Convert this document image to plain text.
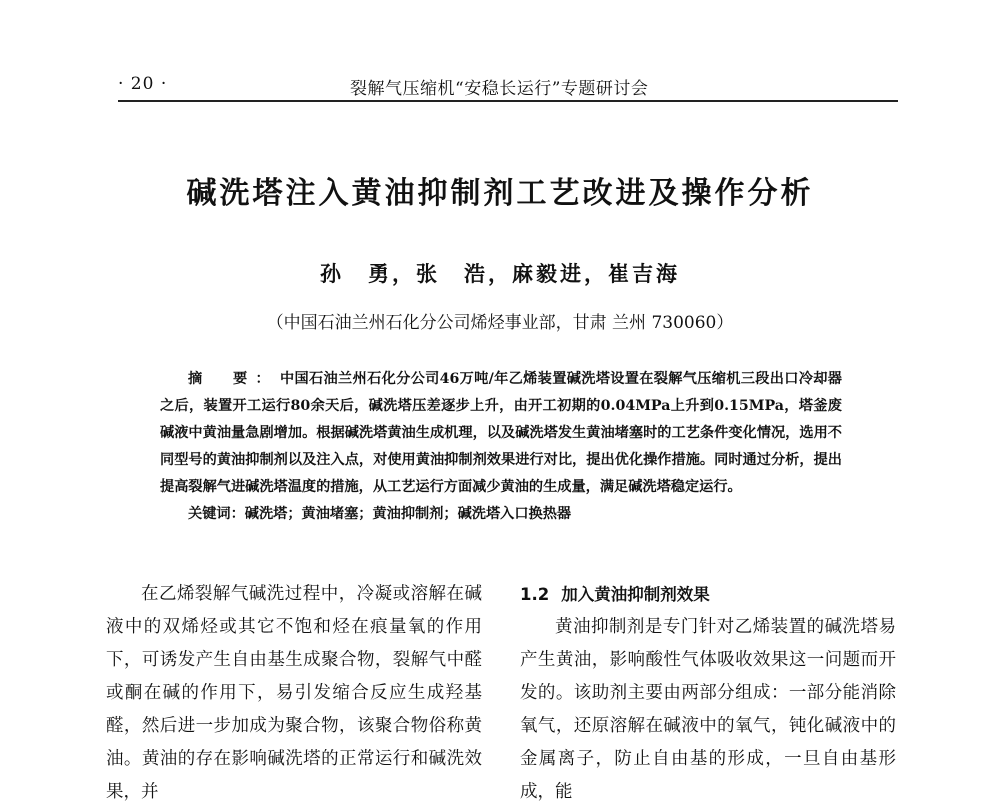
· 20 ·	裂解气压缩机“安稳长运行”专题研讨会
碱洗塔注入黄油抑制剂工艺改进及操作分析
孙　勇，张　浩，麻毅进，崔吉海
（中国石油兰州石化分公司烯烃事业部，甘肃 兰州 730060）

摘　要： 中国石油兰州石化分公司46万吨/年乙烯装置碱洗塔设置在裂解气压缩机三段出口冷却器之后，装置开工运行80余天后，碱洗塔压差逐步上升，由开工初期的0.04MPa上升到0.15MPa，塔釜废碱液中黄油量急剧增加。根据碱洗塔黄油生成机理，以及碱洗塔发生黄油堵塞时的工艺条件变化情况，选用不同型号的黄油抑制剂以及注入点，对使用黄油抑制剂效果进行对比，提出优化操作措施。同时通过分析，提出提高裂解气进碱洗塔温度的措施，从工艺运行方面减少黄油的生成量，满足碱洗塔稳定运行。

关键词：碱洗塔；黄油堵塞；黄油抑制剂；碱洗塔入口换热器

在乙烯裂解气碱洗过程中，冷凝或溶解在碱液中的双烯烃或其它不饱和烃在痕量氧的作用下，可诱发产生自由基生成聚合物，裂解气中醛或酮在碱的作用下，易引发缩合反应生成羟基醛，然后进一步加成为聚合物，该聚合物俗称黄油。黄油的存在影响碱洗塔的正常运行和碱洗效果，并

1.2 加入黄油抑制剂效果

黄油抑制剂是专门针对乙烯装置的碱洗塔易产生黄油，影响酸性气体吸收效果这一问题而开发的。该助剂主要由两部分组成：一部分能消除氧气，还原溶解在碱液中的氧气，钝化碱液中的金属离子，防止自由基的形成，一旦自由基形成，能
